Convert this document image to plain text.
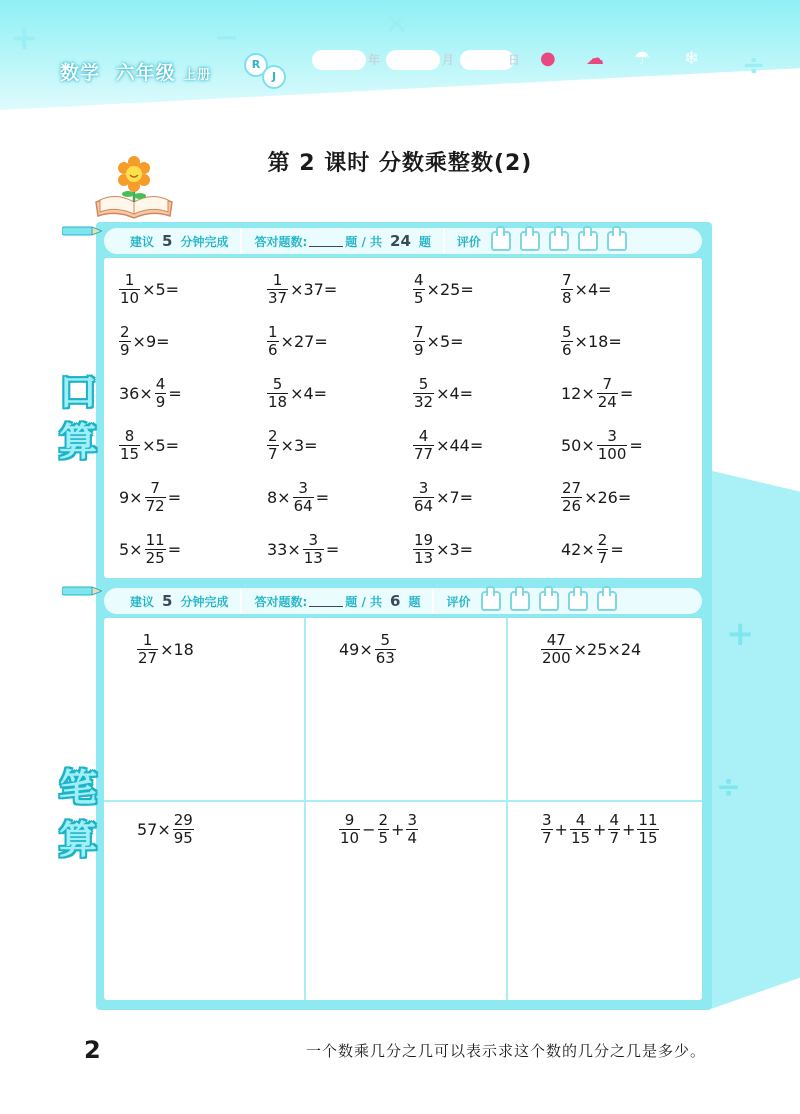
+	−	×
÷
数学 六年级 上册
R
J
年	月	日 ● ☁ ☂ ❄
第 2 课时 分数乘整数(2)
+
÷
建议 5 分钟完成 答对题数:	题 / 共 24 题 评价
口
算
$\frac{1}{10} \times 5=$	$\frac{1}{37} \times 37=$	$\frac{4}{5} \times 25=$	$\frac{7}{8} \times 4=$
$\frac{2}{9} \times 9=$	$\frac{1}{6} \times 27=$	$\frac{7}{9} \times 5=$	$\frac{5}{6} \times 18=$
$36\times \frac{4}{9}$ =	$\frac{5}{18} \times 4=$	$\frac{5}{32} \times 4=$	$12\times \frac{7}{24}$ =
$\frac{8}{15} \times 5=$	$\frac{2}{7} \times 3=$	$\frac{4}{77} \times 44=$	$50\times \frac{3}{100}$ =
$9\times \frac{7}{72}$ =	$8\times \frac{3}{64}$ =	$\frac{3}{64} \times 7=$	$\frac{27}{26} \times 26=$
$5\times \frac{11}{25}$ =	$33\times \frac{3}{13}$ =	$\frac{19}{13} \times 3=$	$42\times \frac{2}{7}$ =
建议 5 分钟完成 答对题数:	题 / 共 6 题 评价
笔
算
$\frac{1}{27} \times 18$	$49\times \frac{5}{63}$	$\frac{47}{200} \times 25\times 24$
$57\times \frac{29}{95}$	$\frac{9}{10} - \frac{2}{5} + \frac{3}{4}$	$\frac{3}{7} + \frac{4}{15} + \frac{4}{7} + \frac{11}{15}$
2	一个数乘几分之几可以表示求这个数的几分之几是多少。
